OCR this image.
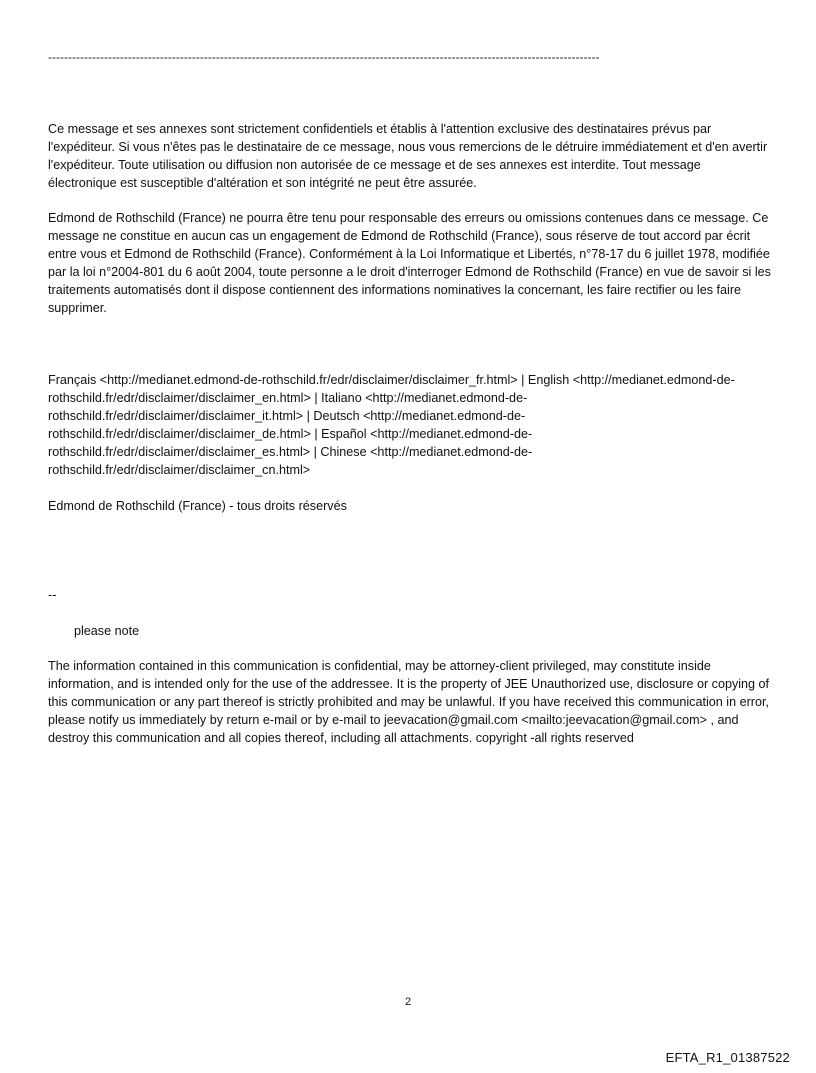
------------------------------------------------------------------------------------------------------------------------------------------

Ce message et ses annexes sont strictement confidentiels et établis à l'attention exclusive des destinataires prévus par l'expéditeur. Si vous n'êtes pas le destinataire de ce message, nous vous remercions de le détruire immédiatement et d'en avertir l'expéditeur. Toute utilisation ou diffusion non autorisée de ce message et de ses annexes est interdite. Tout message électronique est susceptible d'altération et son intégrité ne peut être assurée.

Edmond de Rothschild (France) ne pourra être tenu pour responsable des erreurs ou omissions contenues dans ce message. Ce message ne constitue en aucun cas un engagement de Edmond de Rothschild (France), sous réserve de tout accord par écrit entre vous et Edmond de Rothschild (France). Conformément à la Loi Informatique et Libertés, n°78-17 du 6 juillet 1978, modifiée par la loi n°2004-801 du 6 août 2004, toute personne a le droit d'interroger Edmond de Rothschild (France) en vue de savoir si les traitements automatisés dont il dispose contiennent des informations nominatives la concernant, les faire rectifier ou les faire supprimer.

Français <http://medianet.edmond-de-rothschild.fr/edr/disclaimer/disclaimer_fr.html> | English <http://medianet.edmond-de-rothschild.fr/edr/disclaimer/disclaimer_en.html> | Italiano <http://medianet.edmond-de-rothschild.fr/edr/disclaimer/disclaimer_it.html> | Deutsch <http://medianet.edmond-de-rothschild.fr/edr/disclaimer/disclaimer_de.html> | Español <http://medianet.edmond-de-rothschild.fr/edr/disclaimer/disclaimer_es.html> | Chinese <http://medianet.edmond-de-rothschild.fr/edr/disclaimer/disclaimer_cn.html>

Edmond de Rothschild (France) - tous droits réservés

--

please note

The information contained in this communication is confidential, may be attorney-client privileged, may constitute inside information, and is intended only for the use of the addressee. It is the property of JEE Unauthorized use, disclosure or copying of this communication or any part thereof is strictly prohibited and may be unlawful. If you have received this communication in error, please notify us immediately by return e-mail or by e-mail to jeevacation@gmail.com <mailto:jeevacation@gmail.com> , and destroy this communication and all copies thereof, including all attachments. copyright -all rights reserved

2
EFTA_R1_01387522
